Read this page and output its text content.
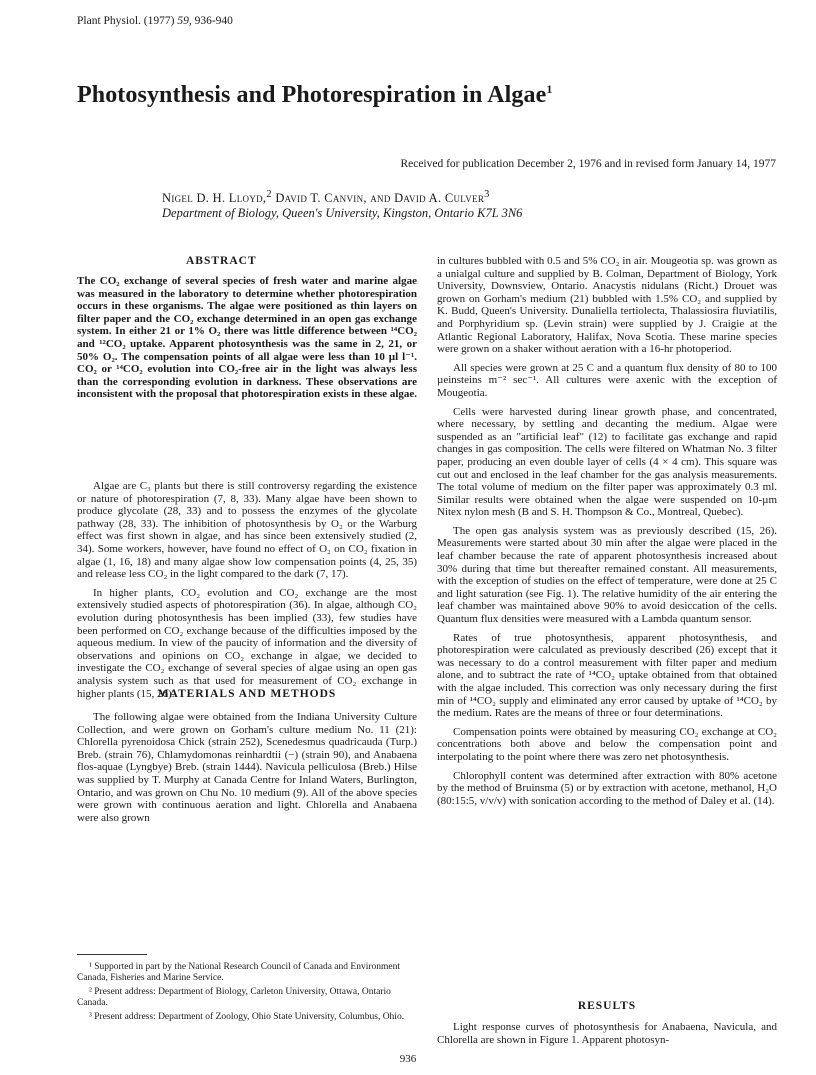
Plant Physiol. (1977) 59, 936-940
Photosynthesis and Photorespiration in Algae$^1$
Received for publication December 2, 1976 and in revised form January 14, 1977
Nigel D. H. Lloyd,$^2$ David T. Canvin, and David A. Culver$^3$
Department of Biology, Queen's University, Kingston, Ontario K7L 3N6
ABSTRACT

The CO₂ exchange of several species of fresh water and marine algae was measured in the laboratory to determine whether photorespiration occurs in these organisms. The algae were positioned as thin layers on filter paper and the CO₂ exchange determined in an open gas exchange system. In either 21 or 1% O₂ there was little difference between ¹⁴CO₂ and ¹²CO₂ uptake. Apparent photosynthesis was the same in 2, 21, or 50% O₂. The compensation points of all algae were less than 10 µl l⁻¹. CO₂ or ¹⁴CO₂ evolution into CO₂-free air in the light was always less than the corresponding evolution in darkness. These observations are inconsistent with the proposal that photorespiration exists in these algae.

Algae are C₃ plants but there is still controversy regarding the existence or nature of photorespiration (7, 8, 33). Many algae have been shown to produce glycolate (28, 33) and to possess the enzymes of the glycolate pathway (28, 33). The inhibition of photosynthesis by O₂ or the Warburg effect was first shown in algae, and has since been extensively studied (2, 34). Some workers, however, have found no effect of O₂ on CO₂ fixation in algae (1, 16, 18) and many algae show low compensation points (4, 25, 35) and release less CO₂ in the light compared to the dark (7, 17).

In higher plants, CO₂ evolution and CO₂ exchange are the most extensively studied aspects of photorespiration (36). In algae, although CO₂ evolution during photosynthesis has been implied (33), few studies have been performed on CO₂ exchange because of the difficulties imposed by the aqueous medium. In view of the paucity of information and the diversity of observations and opinions on CO₂ exchange in algae, we decided to investigate the CO₂ exchange of several species of algae using an open gas analysis system such as that used for measurement of CO₂ exchange in higher plants (15, 26).

MATERIALS AND METHODS

The following algae were obtained from the Indiana University Culture Collection, and were grown on Gorham's culture medium No. 11 (21): Chlorella pyrenoidosa Chick (strain 252), Scenedesmus quadricauda (Turp.) Breb. (strain 76), Chlamydomonas reinhardtii (−) (strain 90), and Anabaena flos-aquae (Lyngbye) Breb. (strain 1444). Navicula pelliculosa (Breb.) Hilse was supplied by T. Murphy at Canada Centre for Inland Waters, Burlington, Ontario, and was grown on Chu No. 10 medium (9). All of the above species were grown with continuous aeration and light. Chlorella and Anabaena were also grown

¹ Supported in part by the National Research Council of Canada and Environment Canada, Fisheries and Marine Service.

² Present address: Department of Biology, Carleton University, Ottawa, Ontario Canada.

³ Present address: Department of Zoology, Ohio State University, Columbus, Ohio.

in cultures bubbled with 0.5 and 5% CO₂ in air. Mougeotia sp. was grown as a unialgal culture and supplied by B. Colman, Department of Biology, York University, Downsview, Ontario. Anacystis nidulans (Richt.) Drouet was grown on Gorham's medium (21) bubbled with 1.5% CO₂ and supplied by K. Budd, Queen's University. Dunaliella tertiolecta, Thalassiosira fluviatilis, and Porphyridium sp. (Levin strain) were supplied by J. Craigie at the Atlantic Regional Laboratory, Halifax, Nova Scotia. These marine species were grown on a shaker without aeration with a 16-hr photoperiod.

All species were grown at 25 C and a quantum flux density of 80 to 100 µeinsteins m⁻² sec⁻¹. All cultures were axenic with the exception of Mougeotia.

Cells were harvested during linear growth phase, and concentrated, where necessary, by settling and decanting the medium. Algae were suspended as an "artificial leaf" (12) to facilitate gas exchange and rapid changes in gas composition. The cells were filtered on Whatman No. 3 filter paper, producing an even double layer of cells (4 × 4 cm). This square was cut out and enclosed in the leaf chamber for the gas analysis measurements. The total volume of medium on the filter paper was approximately 0.3 ml. Similar results were obtained when the algae were suspended on 10-µm Nitex nylon mesh (B and S. H. Thompson & Co., Montreal, Quebec).

The open gas analysis system was as previously described (15, 26). Measurements were started about 30 min after the algae were placed in the leaf chamber because the rate of apparent photosynthesis increased about 30% during that time but thereafter remained constant. All measurements, with the exception of studies on the effect of temperature, were done at 25 C and light saturation (see Fig. 1). The relative humidity of the air entering the leaf chamber was maintained above 90% to avoid desiccation of the cells. Quantum flux densities were measured with a Lambda quantum sensor.

Rates of true photosynthesis, apparent photosynthesis, and photorespiration were calculated as previously described (26) except that it was necessary to do a control measurement with filter paper and medium alone, and to subtract the rate of ¹⁴CO₂ uptake obtained from that obtained with the algae included. This correction was only necessary during the first min of ¹⁴CO₂ supply and eliminated any error caused by uptake of ¹⁴CO₂ by the medium. Rates are the means of three or four determinations.

Compensation points were obtained by measuring CO₂ exchange at CO₂ concentrations both above and below the compensation point and interpolating to the point where there was zero net photosynthesis.

Chlorophyll content was determined after extraction with 80% acetone by the method of Bruinsma (5) or by extraction with acetone, methanol, H₂O (80:15:5, v/v/v) with sonication according to the method of Daley et al. (14).

RESULTS

Light response curves of photosynthesis for Anabaena, Navicula, and Chlorella are shown in Figure 1. Apparent photosyn-

936
